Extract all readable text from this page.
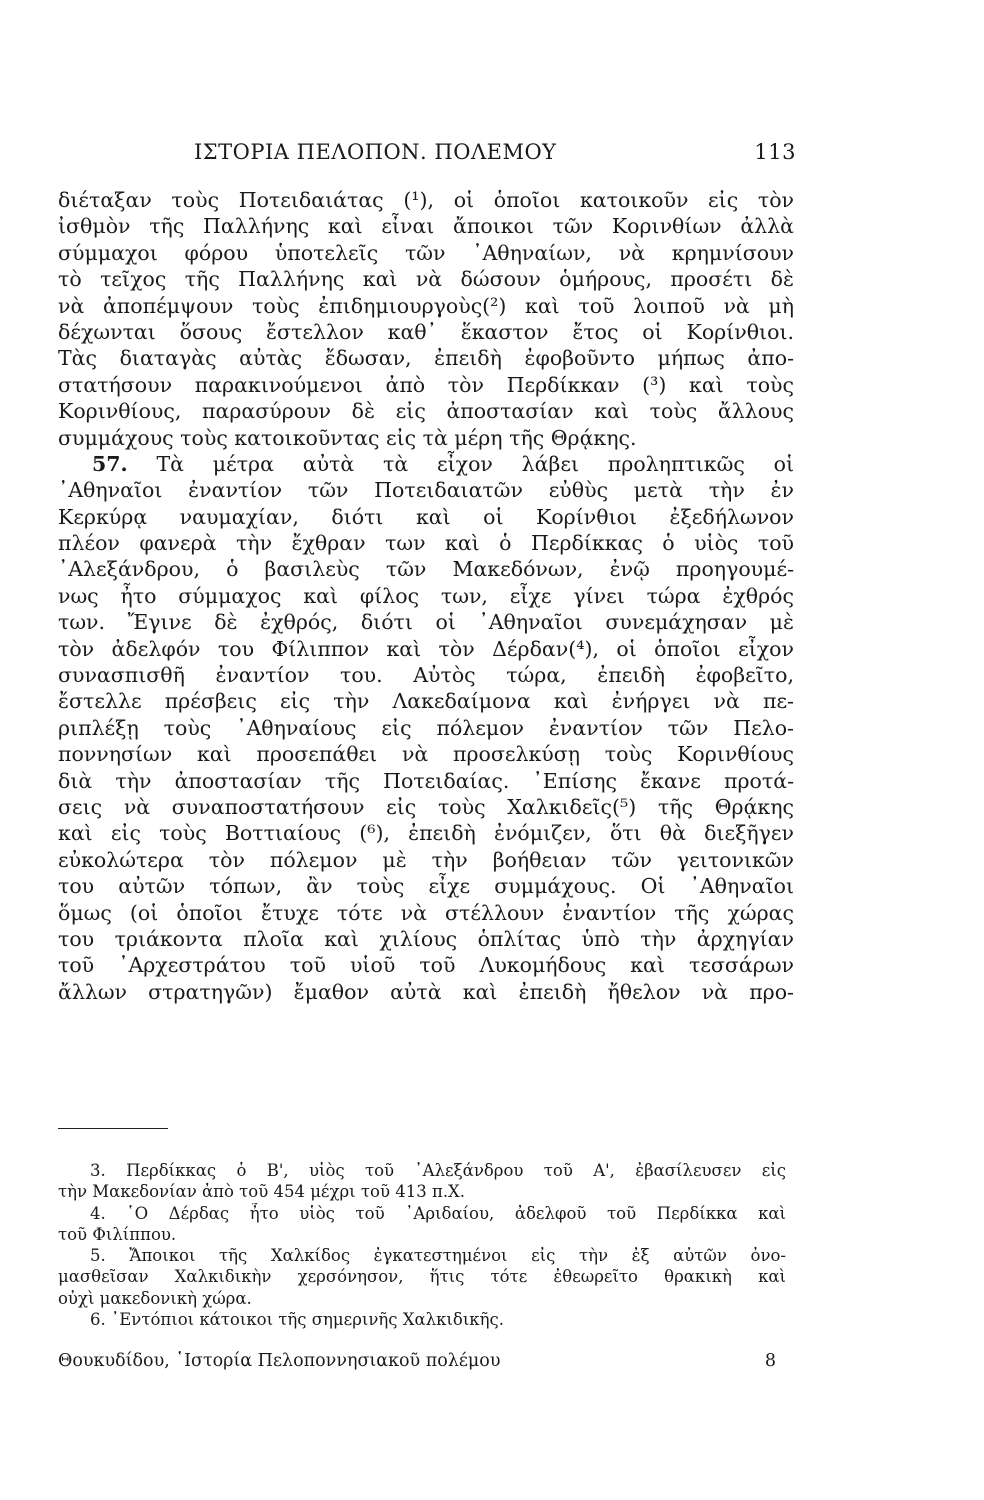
ΙΣΤΟΡΙΑ ΠΕΛΟΠΟΝ. ΠΟΛΕΜΟΥ	113
διέταξαν τοὺς Ποτειδαιάτας (¹), οἱ ὁποῖοι κατοικοῦν εἰς τὸν
ἰσθμὸν τῆς Παλλήνης καὶ εἶναι ἄποικοι τῶν Κορινθίων ἀλλὰ
σύμμαχοι φόρου ὑποτελεῖς τῶν ᾿Αθηναίων, νὰ κρημνίσουν
τὸ τεῖχος τῆς Παλλήνης καὶ νὰ δώσουν ὁμήρους, προσέτι δὲ
νὰ ἀποπέμψουν τοὺς ἐπιδημιουργοὺς(²) καὶ τοῦ λοιποῦ νὰ μὴ
δέχωνται ὅσους ἔστελλον καθ᾿ ἕκαστον ἔτος οἱ Κορίνθιοι.
Τὰς διαταγὰς αὐτὰς ἔδωσαν, ἐπειδὴ ἐφοβοῦντο μήπως ἀπο-
στατήσουν παρακινούμενοι ἀπὸ τὸν Περδίκκαν (³) καὶ τοὺς
Κορινθίους, παρασύρουν δὲ εἰς ἀποστασίαν καὶ τοὺς ἄλλους
συμμάχους τοὺς κατοικοῦντας εἰς τὰ μέρη τῆς Θρᾴκης.
57. Τὰ μέτρα αὐτὰ τὰ εἶχον λάβει προληπτικῶς οἱ
᾿Αθηναῖοι ἐναντίον τῶν Ποτειδαιατῶν εὐθὺς μετὰ τὴν ἐν
Κερκύρᾳ ναυμαχίαν, διότι καὶ οἱ Κορίνθιοι ἐξεδήλωνον
πλέον φανερὰ τὴν ἔχθραν των καὶ ὁ Περδίκκας ὁ υἱὸς τοῦ
᾿Αλεξάνδρου, ὁ βασιλεὺς τῶν Μακεδόνων, ἐνῷ προηγουμέ-
νως ἦτο σύμμαχος καὶ φίλος των, εἶχε γίνει τώρα ἐχθρός
των. Ἔγινε δὲ ἐχθρός, διότι οἱ ᾿Αθηναῖοι συνεμάχησαν μὲ
τὸν ἀδελφόν του Φίλιππον καὶ τὸν Δέρδαν(⁴), οἱ ὁποῖοι εἶχον
συνασπισθῆ ἐναντίον του. Αὐτὸς τώρα, ἐπειδὴ ἐφοβεῖτο,
ἔστελλε πρέσβεις εἰς τὴν Λακεδαίμονα καὶ ἐνήργει νὰ πε-
ριπλέξῃ τοὺς ᾿Αθηναίους εἰς πόλεμον ἐναντίον τῶν Πελο-
ποννησίων καὶ προσεπάθει νὰ προσελκύσῃ τοὺς Κορινθίους
διὰ τὴν ἀποστασίαν τῆς Ποτειδαίας. ᾿Επίσης ἔκανε προτά-
σεις νὰ συναποστατήσουν εἰς τοὺς Χαλκιδεῖς(⁵) τῆς Θρᾴκης
καὶ εἰς τοὺς Βοττιαίους (⁶), ἐπειδὴ ἐνόμιζεν, ὅτι θὰ διεξῆγεν
εὐκολώτερα τὸν πόλεμον μὲ τὴν βοήθειαν τῶν γειτονικῶν
του αὐτῶν τόπων, ἂν τοὺς εἶχε συμμάχους. Οἱ ᾿Αθηναῖοι
ὅμως (οἱ ὁποῖοι ἔτυχε τότε νὰ στέλλουν ἐναντίον τῆς χώρας
του τριάκοντα πλοῖα καὶ χιλίους ὁπλίτας ὑπὸ τὴν ἀρχηγίαν
τοῦ ᾿Αρχεστράτου τοῦ υἱοῦ τοῦ Λυκομήδους καὶ τεσσάρων
ἄλλων στρατηγῶν) ἔμαθον αὐτὰ καὶ ἐπειδὴ ἤθελον νὰ προ-
3. Περδίκκας ὁ Β', υἱὸς τοῦ ᾿Αλεξάνδρου τοῦ Α', ἐβασίλευσεν εἰς
τὴν Μακεδονίαν ἀπὸ τοῦ 454 μέχρι τοῦ 413 π.Χ.
4. ῾Ο Δέρδας ἦτο υἱὸς τοῦ ᾿Αριδαίου, ἀδελφοῦ τοῦ Περδίκκα καὶ
τοῦ Φιλίππου.
5. Ἄποικοι τῆς Χαλκίδος ἐγκατεστημένοι εἰς τὴν ἐξ αὐτῶν ὀνο-
μασθεῖσαν Χαλκιδικὴν χερσόνησον, ἥτις τότε ἐθεωρεῖτο θρακικὴ καὶ
οὐχὶ μακεδονικὴ χώρα.
6. ᾿Εντόπιοι κάτοικοι τῆς σημερινῆς Χαλκιδικῆς.
Θουκυδίδου, ῾Ιστορία Πελοποννησιακοῦ πολέμου	8
